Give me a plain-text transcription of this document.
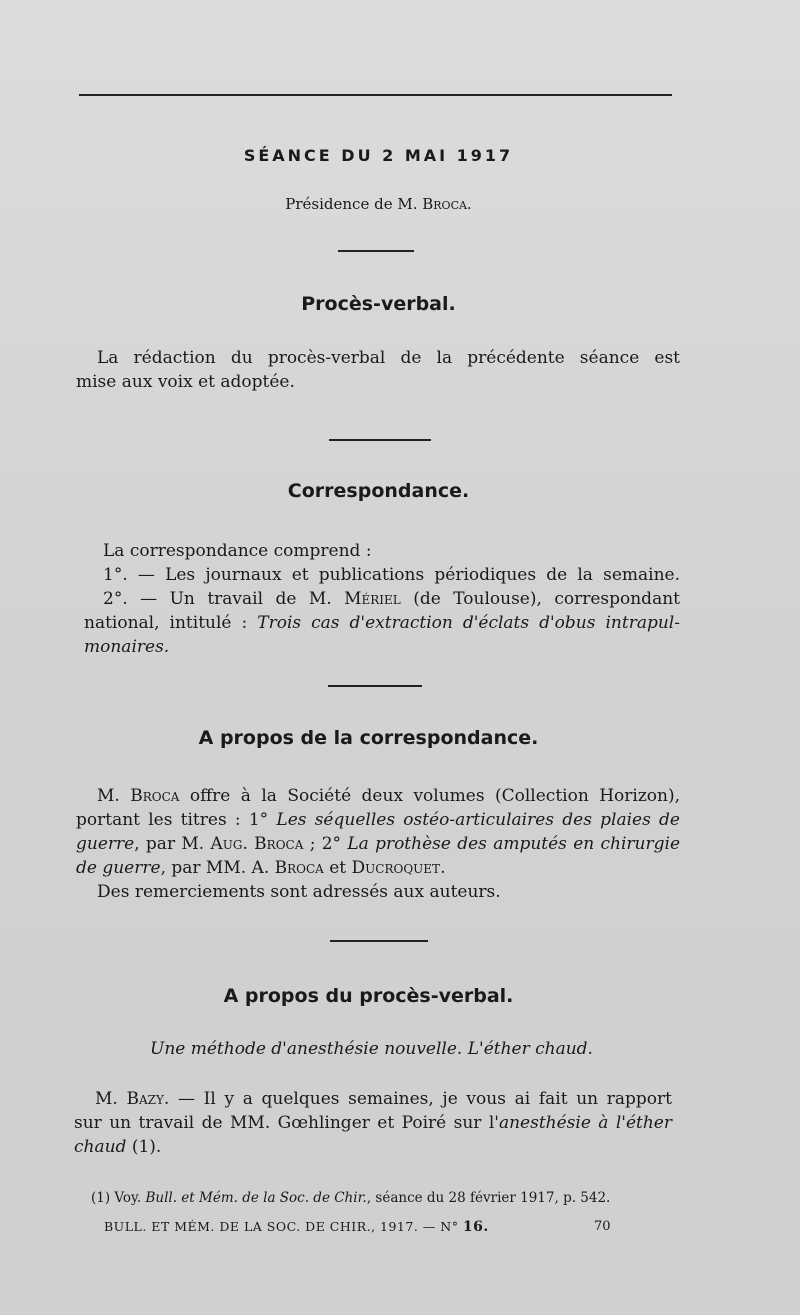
SÉANCE DU 2 MAI 1917

Présidence de M. Broca.

Procès-verbal.

La rédaction du procès-verbal de la précédente séance est
mise aux voix et adoptée.

Correspondance.

La correspondance comprend :
1°. — Les journaux et publications périodiques de la semaine.
2°. — Un travail de M. Mériel (de Toulouse), correspondant
national, intitulé : Trois cas d'extraction d'éclats d'obus intrapul-
monaires.

A propos de la correspondance.

M. Broca offre à la Société deux volumes (Collection Horizon),
portant les titres : 1° Les séquelles ostéo-articulaires des plaies de
guerre, par M. Aug. Broca ; 2° La prothèse des amputés en chirurgie
de guerre, par MM. A. Broca et Ducroquet.
Des remerciements sont adressés aux auteurs.

A propos du procès-verbal.

Une méthode d'anesthésie nouvelle. L'éther chaud.

M. Bazy. — Il y a quelques semaines, je vous ai fait un rapport
sur un travail de MM. Gœhlinger et Poiré sur l'anesthésie à l'éther
chaud (1).

(1) Voy. Bull. et Mém. de la Soc. de Chir., séance du 28 février 1917, p. 542.

BULL. ET MÉM. DE LA SOC. DE CHIR., 1917. — N° 16.	70
